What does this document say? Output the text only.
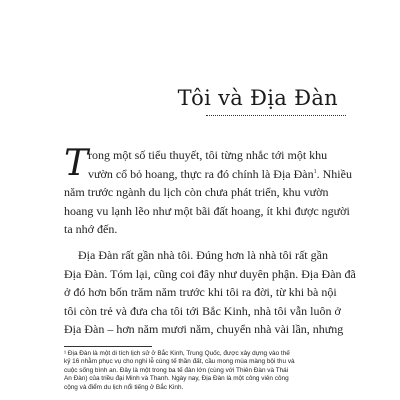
Tôi và Địa Đàn
T rong một số tiểu thuyết, tôi từng nhắc tới một khu
vườn cổ bỏ hoang, thực ra đó chính là Địa Đàn$^1$. Nhiều
năm trước ngành du lịch còn chưa phát triển, khu vườn
hoang vu lạnh lẽo như một bãi đất hoang, ít khi được người
ta nhớ đến.

Địa Đàn rất gần nhà tôi. Đúng hơn là nhà tôi rất gần
Địa Đàn. Tóm lại, cũng coi đây như duyên phận. Địa Đàn đã
ở đó hơn bốn trăm năm trước khi tôi ra đời, từ khi bà nội
tôi còn trẻ và đưa cha tôi tới Bắc Kinh, nhà tôi vẫn luôn ở
Địa Đàn – hơn năm mươi năm, chuyển nhà vài lần, nhưng

¹ Địa Đàn là một di tích lịch sử ở Bắc Kinh, Trung Quốc, được xây dựng vào thế
kỷ 16 nhằm phục vụ cho nghi lễ cúng tế thần đất, cầu mong mùa màng bội thu và
cuộc sống bình an. Đây là một trong ba tế đàn lớn (cùng với Thiên Đàn và Thái
An Đàn) của triều đại Minh và Thanh. Ngày nay, Địa Đàn là một công viên công
cộng và điểm du lịch nổi tiếng ở Bắc Kinh.
